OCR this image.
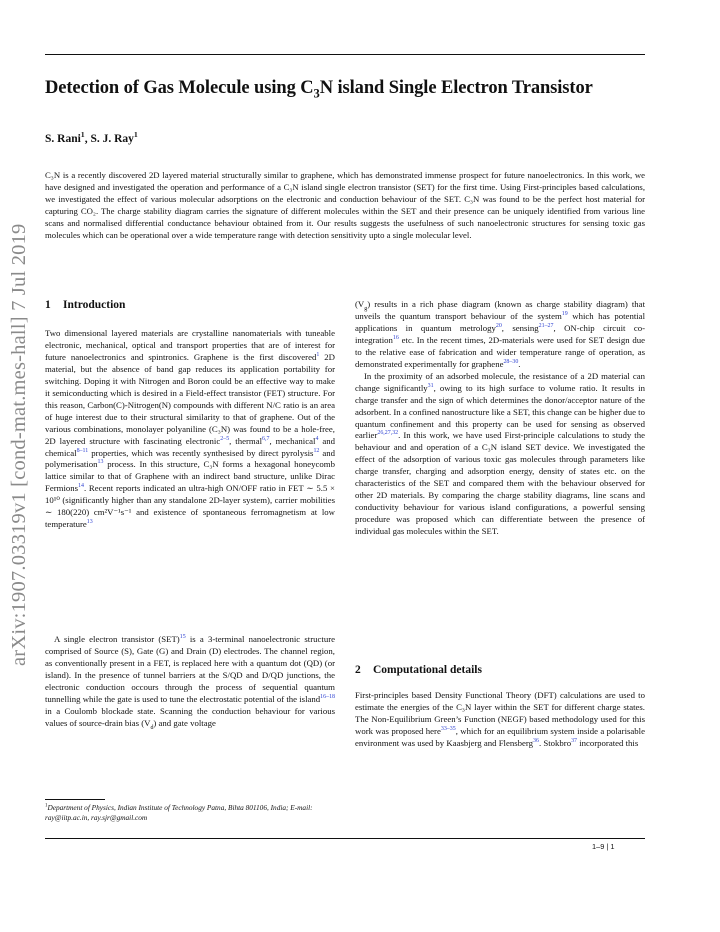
arXiv:1907.03319v1 [cond-mat.mes-hall] 7 Jul 2019
Detection of Gas Molecule using $C_3N$ island Single Electron Transistor
S. Rani$^1$, S. J. Ray$^1$

C₃N is a recently discovered 2D layered material structurally similar to graphene, which has demonstrated immense prospect for future nanoelectronics. In this work, we have designed and investigated the operation and performance of a C₃N island single electron transistor (SET) for the first time. Using First-principles based calculations, we investigated the effect of various molecular adsorptions on the electronic and conduction behaviour of the SET. C₃N was found to be the perfect host material for capturing CO₂. The charge stability diagram carries the signature of different molecules within the SET and their presence can be uniquely identified from various line scans and normalised differential conductance behaviour obtained from it. Our results suggests the usefulness of such nanoelectronic structures for sensing toxic gas molecules which can be operational over a wide temperature range with detection sensitivity upto a single molecular level.

1 Introduction

Two dimensional layered materials are crystalline nanomaterials with tuneable electronic, mechanical, optical and transport properties that are of interest for future nanoelectronics and spintronics. Graphene is the first discovered$^1$ 2D material, but the absence of band gap reduces its application portability for switching. Doping it with Nitrogen and Boron could be an effective way to make it semiconducting which is desired in a Field-effect transistor (FET) structure. For this reason, Carbon(C)-Nitrogen(N) compounds with different N/C ratio is an area of huge interest due to their structural similarity to that of graphene. Out of the various combinations, monolayer polyaniline (C₃N) was found to be a hole-free, 2D layered structure with fascinating electronic$^{2-5}$, thermal$^{6,7}$, mechanical$^4$ and chemical$^{8-11}$ properties, which was recently synthesised by direct pyrolysis$^{12}$ and polymerisation$^{13}$ process. In this structure, C₃N forms a hexagonal honeycomb lattice similar to that of Graphene with an indirect band structure, unlike Dirac Fermions$^{14}$. Recent reports indicated an ultra-high ON/OFF ratio in FET ∼ 5.5 × 10¹⁰ (significantly higher than any standalone 2D-layer system), carrier mobilities ∼ 180(220) cm²V⁻¹s⁻¹ and existence of spontaneous ferromagnetism at low temperature$^{13}$

A single electron transistor (SET)$^{15}$ is a 3-terminal nanoelectronic structure comprised of Source (S), Gate (G) and Drain (D) electrodes. The channel region, as conventionally present in a FET, is replaced here with a quantum dot (QD) (or island). In the presence of tunnel barriers at the S/QD and D/QD junctions, the electronic conduction occours through the process of sequential quantum tunnelling while the gate is used to tune the electrostatic potential of the island$^{16-18}$ in a Coulomb blockade state. Scanning the conduction behaviour for various values of source-drain bias $(V_d)$ and gate voltage

$^1$Department of Physics, Indian Institute of Technology Patna, Bihta 801106, India; E-mail: ray@iitp.ac.in, ray.sjr@gmail.com

$(V_g)$ results in a rich phase diagram (known as charge stability diagram) that unveils the quantum transport behaviour of the system$^{19}$ which has potential applications in quantum metrology$^{20}$, sensing$^{21-27}$, ON-chip circuit co-integration$^{16}$ etc. In the recent times, 2D-materials were used for SET design due to the relative ease of fabrication and wider temperature range of operation, as demonstrated experimentally for graphene$^{28-30}$.

In the proximity of an adsorbed molecule, the resistance of a 2D material can change significantly$^{31}$, owing to its high surface to volume ratio. It results in charge transfer and the sign of which determines the donor/acceptor nature of the adsorbent. In a confined nanostructure like a SET, this change can be higher due to quantum confinement and this property can be used for sensing as observed earlier$^{26,27,32}$. In this work, we have used First-principle calculations to study the behaviour and and operation of a C₃N island SET device. We investigated the effect of the adsorption of various toxic gas molecules through parameters like charge transfer, charging and adsorption energy, density of states etc. on the characteristics of the SET and compared them with the behaviour observed for other 2D materials. By comparing the charge stability diagrams, line scans and conductivity behaviour for various island configurations, a powerful sensing procedure was proposed which can differentiate between the presence of individual gas molecules within the SET.

2 Computational details

First-principles based Density Functional Theory (DFT) calculations are used to estimate the energies of the C₃N layer within the SET for different charge states. The Non-Equilibrium Green’s Function (NEGF) based methodology used for this work was proposed here$^{33-35}$, which for an equilibrium system inside a polarisable environment was used by Kaasbjerg and Flensberg$^{36}$. Stokbro$^{37}$ incorporated this

1–9 | 1
